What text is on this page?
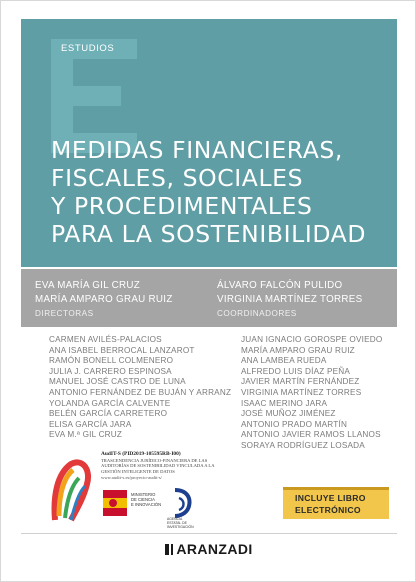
ESTUDIOS
MEDIDAS FINANCIERAS,
FISCALES, SOCIALES
Y PROCEDIMENTALES
PARA LA SOSTENIBILIDAD
EVA MARÍA GIL CRUZ
MARÍA AMPARO GRAU RUIZ
DIRECTORAS
ÁLVARO FALCÓN PULIDO
VIRGINIA MARTÍNEZ TORRES
COORDINADORES
CARMEN AVILÉS-PALACIOS
ANA ISABEL BERROCAL LANZAROT
RAMÓN BONELL COLMENERO
JULIA J. CARRERO ESPINOSA
MANUEL JOSÉ CASTRO DE LUNA
ANTONIO FERNÁNDEZ DE BUJÁN Y ARRANZ
YOLANDA GARCÍA CALVENTE
BELÉN GARCÍA CARRETERO
ELISA GARCÍA JARA
EVA M.ª GIL CRUZ
JUAN IGNACIO GOROSPE OVIEDO
MARÍA AMPARO GRAU RUIZ
ANA LAMBEA RUEDA
ALFREDO LUIS DÍAZ PEÑA
JAVIER MARTÍN FERNÁNDEZ
VIRGINIA MARTÍNEZ TORRES
ISAAC MERINO JARA
JOSÉ MUÑOZ JIMÉNEZ
ANTONIO PRADO MARTÍN
ANTONIO JAVIER RAMOS LLANOS
SORAYA RODRÍGUEZ LOSADA
AudIT-S (PID2019-105595RB-I00)
TRASCENDENCIA JURÍDICO-FINANCIERA DE LAS
AUDITORÍAS DE SOSTENIBILIDAD VINCULADA A LA
GESTIÓN INTELIGENTE DE DATOS
www.audit-s.es/proyecto-audit-s/
MINISTERIO
DE CIENCIA
E INNOVACIÓN
AGENCIA
ESTATAL DE
INVESTIGACIÓN
INCLUYE LIBRO
ELECTRÓNICO
ARANZADI
